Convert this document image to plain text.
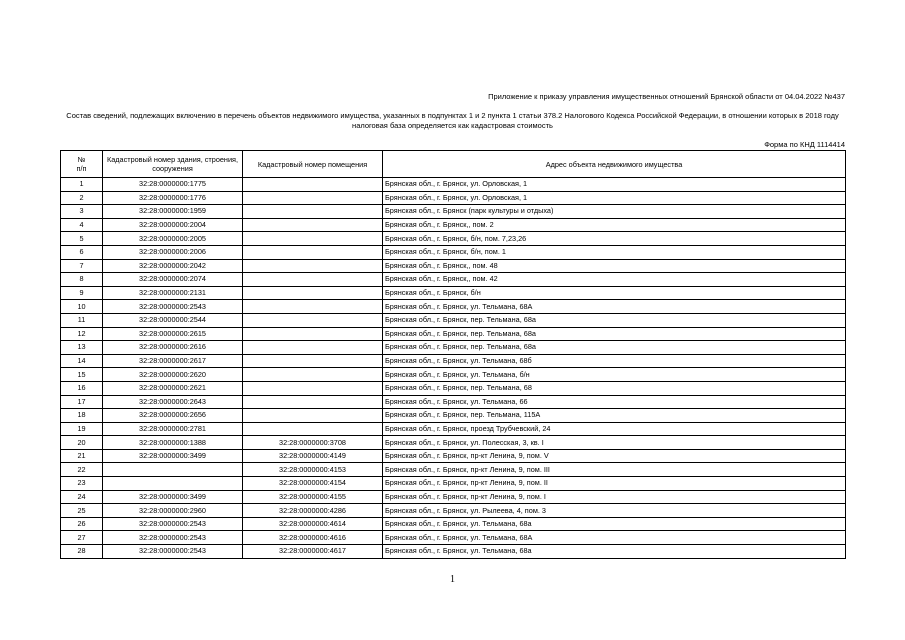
Приложение к приказу управления имущественных отношений Брянской области от 04.04.2022 №437
Состав сведений, подлежащих включению в перечень объектов недвижимого имущества, указанных в подпунктах 1 и 2 пункта 1 статьи 378.2 Налогового Кодекса Российской Федерации, в отношении которых в 2018 году налоговая база определяется как кадастровая стоимость
Форма по КНД 1114414
№
п/п	Кадастровый номер здания, строения, сооружения	Кадастровый номер помещения	Адрес объекта недвижимого имущества
1	32:28:0000000:1775		Брянская обл., г. Брянск, ул. Орловская, 1
2	32:28:0000000:1776		Брянская обл., г. Брянск, ул. Орловская, 1
3	32:28:0000000:1959		Брянская обл., г. Брянск (парк культуры и отдыха)
4	32:28:0000000:2004		Брянская обл., г. Брянск,, пом. 2
5	32:28:0000000:2005		Брянская обл., г. Брянск, б/н, пом. 7,23,26
6	32:28:0000000:2006		Брянская обл., г. Брянск, б/н, пом. 1
7	32:28:0000000:2042		Брянская обл., г. Брянск,, пом. 48
8	32:28:0000000:2074		Брянская обл., г. Брянск,, пом. 42
9	32:28:0000000:2131		Брянская обл., г. Брянск, б/н
10	32:28:0000000:2543		Брянская обл., г. Брянск, ул. Тельмана, 68А
11	32:28:0000000:2544		Брянская обл., г. Брянск, пер. Тельмана, 68а
12	32:28:0000000:2615		Брянская обл., г. Брянск, пер. Тельмана, 68а
13	32:28:0000000:2616		Брянская обл., г. Брянск, пер. Тельмана, 68а
14	32:28:0000000:2617		Брянская обл., г. Брянск, ул. Тельмана, 68б
15	32:28:0000000:2620		Брянская обл., г. Брянск, ул. Тельмана, б/н
16	32:28:0000000:2621		Брянская обл., г. Брянск, пер. Тельмана, 68
17	32:28:0000000:2643		Брянская обл., г. Брянск, ул. Тельмана, 66
18	32:28:0000000:2656		Брянская обл., г. Брянск, пер. Тельмана, 115А
19	32:28:0000000:2781		Брянская обл., г. Брянск, проезд Трубчевский, 24
20	32:28:0000000:1388	32:28:0000000:3708	Брянская обл., г. Брянск, ул. Полесская, 3, кв. I
21	32:28:0000000:3499	32:28:0000000:4149	Брянская обл., г. Брянск, пр-кт Ленина, 9, пом. V
22		32:28:0000000:4153	Брянская обл., г. Брянск, пр-кт Ленина, 9, пом. III
23		32:28:0000000:4154	Брянская обл., г. Брянск, пр-кт Ленина, 9, пом. II
24	32:28:0000000:3499	32:28:0000000:4155	Брянская обл., г. Брянск, пр-кт Ленина, 9, пом. I
25	32:28:0000000:2960	32:28:0000000:4286	Брянская обл., г. Брянск, ул. Рылеева, 4, пом. 3
26	32:28:0000000:2543	32:28:0000000:4614	Брянская обл., г. Брянск, ул. Тельмана, 68а
27	32:28:0000000:2543	32:28:0000000:4616	Брянская обл., г. Брянск, ул. Тельмана, 68А
28	32:28:0000000:2543	32:28:0000000:4617	Брянская обл., г. Брянск, ул. Тельмана, 68а
1
